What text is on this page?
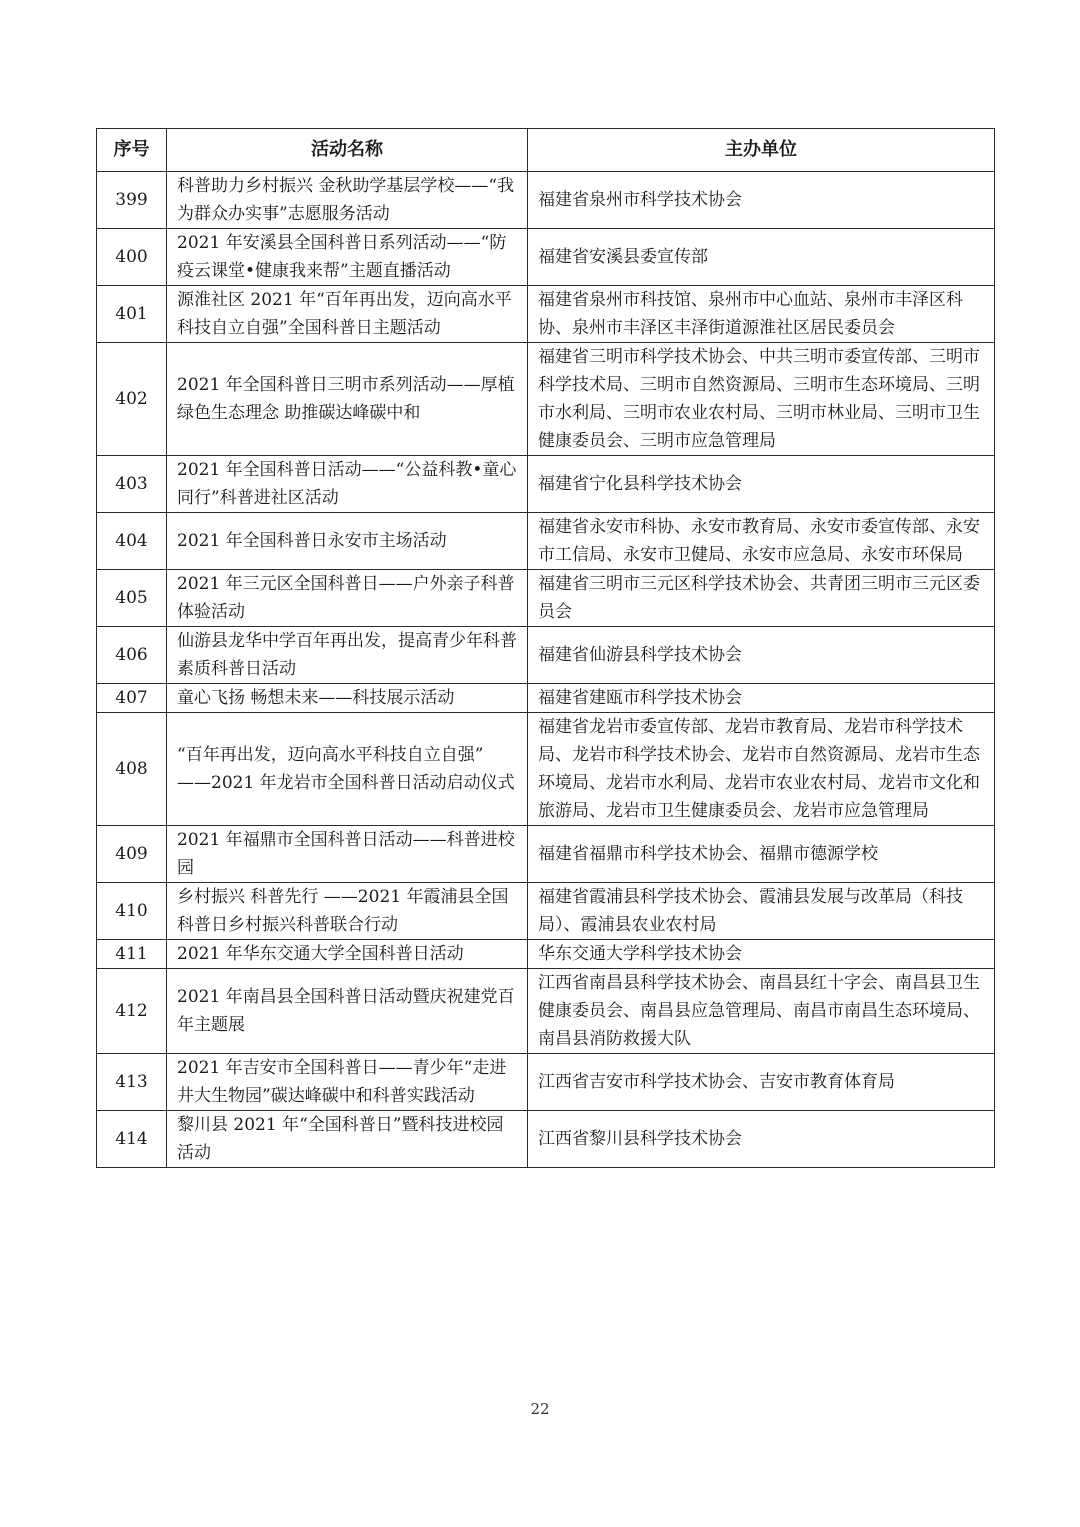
序号	活动名称	主办单位
399	科普助力乡村振兴 金秋助学基层学校——“我为群众办实事”志愿服务活动	福建省泉州市科学技术协会
400	2021 年安溪县全国科普日系列活动——“防疫云课堂•健康我来帮”主题直播活动	福建省安溪县委宣传部
401	源淮社区 2021 年“百年再出发，迈向高水平科技自立自强”全国科普日主题活动	福建省泉州市科技馆、泉州市中心血站、泉州市丰泽区科协、泉州市丰泽区丰泽街道源淮社区居民委员会
402	2021 年全国科普日三明市系列活动——厚植绿色生态理念 助推碳达峰碳中和	福建省三明市科学技术协会、中共三明市委宣传部、三明市科学技术局、三明市自然资源局、三明市生态环境局、三明市水利局、三明市农业农村局、三明市林业局、三明市卫生健康委员会、三明市应急管理局
403	2021 年全国科普日活动——“公益科教•童心同行”科普进社区活动	福建省宁化县科学技术协会
404	2021 年全国科普日永安市主场活动	福建省永安市科协、永安市教育局、永安市委宣传部、永安市工信局、永安市卫健局、永安市应急局、永安市环保局
405	2021 年三元区全国科普日——户外亲子科普体验活动	福建省三明市三元区科学技术协会、共青团三明市三元区委员会
406	仙游县龙华中学百年再出发，提高青少年科普素质科普日活动	福建省仙游县科学技术协会
407	童心飞扬 畅想未来——科技展示活动	福建省建瓯市科学技术协会
408	“百年再出发，迈向高水平科技自立自强” ——2021 年龙岩市全国科普日活动启动仪式	福建省龙岩市委宣传部、龙岩市教育局、龙岩市科学技术局、龙岩市科学技术协会、龙岩市自然资源局、龙岩市生态环境局、龙岩市水利局、龙岩市农业农村局、龙岩市文化和旅游局、龙岩市卫生健康委员会、龙岩市应急管理局
409	2021 年福鼎市全国科普日活动——科普进校园	福建省福鼎市科学技术协会、福鼎市德源学校
410	乡村振兴 科普先行 ——2021 年霞浦县全国科普日乡村振兴科普联合行动	福建省霞浦县科学技术协会、霞浦县发展与改革局（科技局）、霞浦县农业农村局
411	2021 年华东交通大学全国科普日活动	华东交通大学科学技术协会
412	2021 年南昌县全国科普日活动暨庆祝建党百年主题展	江西省南昌县科学技术协会、南昌县红十字会、南昌县卫生健康委员会、南昌县应急管理局、南昌市南昌生态环境局、南昌县消防救援大队
413	2021 年吉安市全国科普日——青少年“走进井大生物园”碳达峰碳中和科普实践活动	江西省吉安市科学技术协会、吉安市教育体育局
414	黎川县 2021 年“全国科普日”暨科技进校园活动	江西省黎川县科学技术协会
22
